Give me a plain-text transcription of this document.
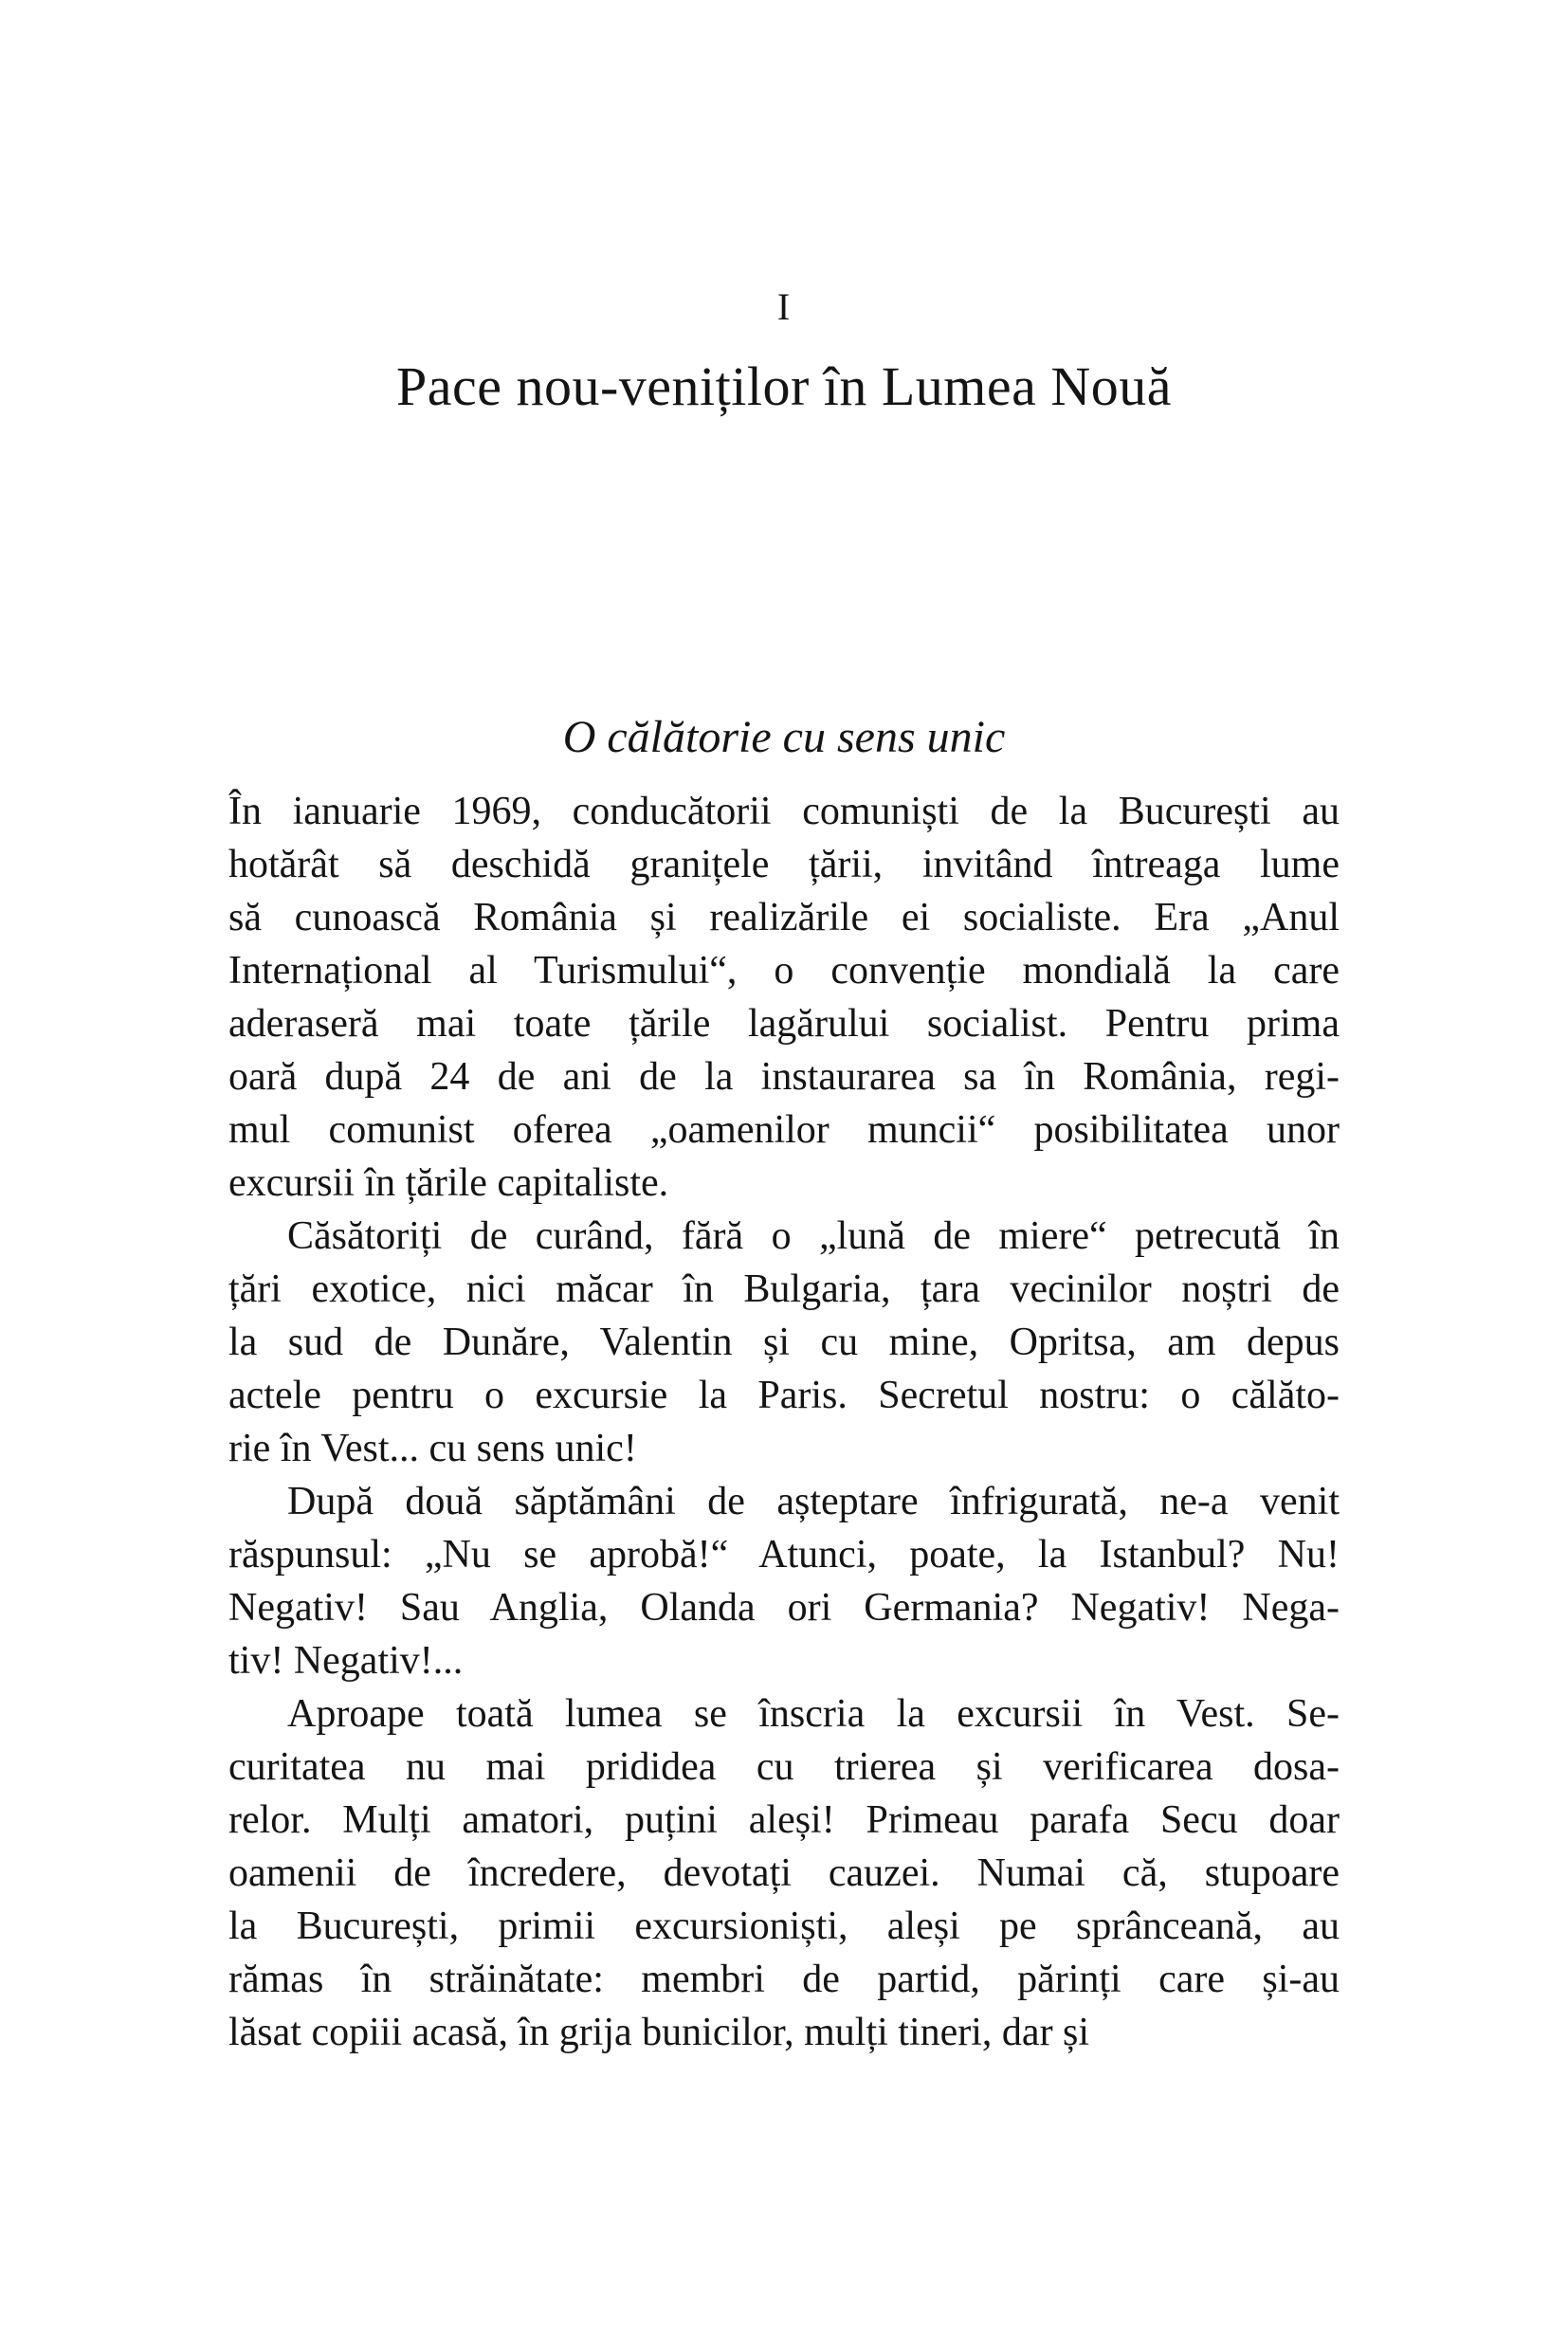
I
Pace nou-veniților în Lumea Nouă
O călătorie cu sens unic
În ianuarie 1969, conducătorii comuniști de la București au
hotărât să deschidă granițele țării, invitând întreaga lume
să cunoască România și realizările ei socialiste. Era „Anul
Internațional al Turismului“, o convenție mondială la care
aderaseră mai toate țările lagărului socialist. Pentru prima
oară după 24 de ani de la instaurarea sa în România, regi-
mul comunist oferea „oamenilor muncii“ posibilitatea unor
excursii în țările capitaliste.
Căsătoriți de curând, fără o „lună de miere“ petrecută în
țări exotice, nici măcar în Bulgaria, țara vecinilor noștri de
la sud de Dunăre, Valentin și cu mine, Opritsa, am depus
actele pentru o excursie la Paris. Secretul nostru: o călăto-
rie în Vest... cu sens unic!
După două săptămâni de așteptare înfrigurată, ne-a venit
răspunsul: „Nu se aprobă!“ Atunci, poate, la Istanbul? Nu!
Negativ! Sau Anglia, Olanda ori Germania? Negativ! Nega-
tiv! Negativ!...
Aproape toată lumea se înscria la excursii în Vest. Se-
curitatea nu mai prididea cu trierea și verificarea dosa-
relor. Mulți amatori, puțini aleși! Primeau parafa Secu doar
oamenii de încredere, devotați cauzei. Numai că, stupoare
la București, primii excursioniști, aleși pe sprânceană, au
rămas în străinătate: membri de partid, părinți care și-au
lăsat copiii acasă, în grija bunicilor, mulți tineri, dar și
